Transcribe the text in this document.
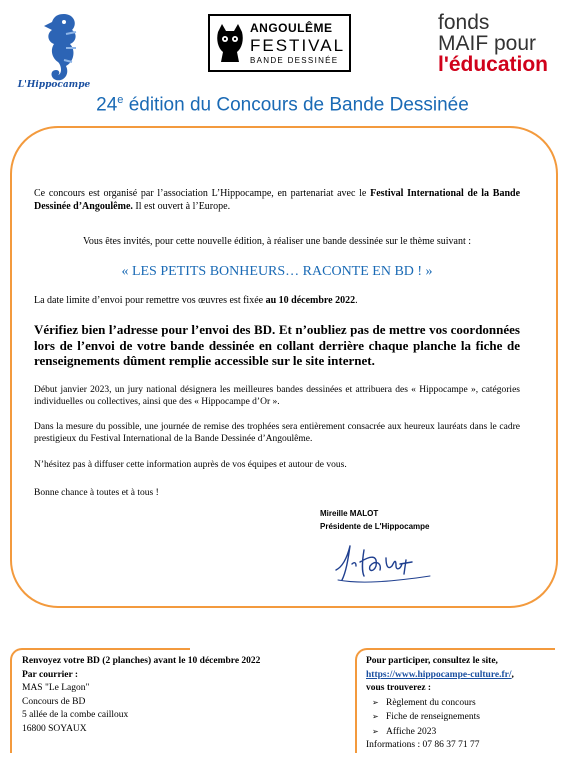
L'Hippocampe
ANGOULÊME
FESTIVAL
BANDE DESSINÉE
fonds
MAIF pour
l'éducation
24e édition du Concours de Bande Dessinée
Ce concours est organisé par l’association L’Hippocampe, en partenariat avec le Festival International de la Bande Dessinée d’Angoulême. Il est ouvert à l’Europe.
Vous êtes invités, pour cette nouvelle édition, à réaliser une bande dessinée sur le thème suivant :
« LES PETITS BONHEURS… RACONTE EN BD ! »
La date limite d’envoi pour remettre vos œuvres est fixée au 10 décembre 2022.
Vérifiez bien l’adresse pour l’envoi des BD. Et n’oubliez pas de mettre vos coordonnées lors de l’envoi de votre bande dessinée en collant derrière chaque planche la fiche de renseignements dûment remplie accessible sur le site internet.
Début janvier 2023, un jury national désignera les meilleures bandes dessinées et attribuera des « Hippocampe », catégories individuelles ou collectives, ainsi que des « Hippocampe d’Or ».
Dans la mesure du possible, une journée de remise des trophées sera entièrement consacrée aux heureux lauréats dans le cadre prestigieux du Festival International de la Bande Dessinée d’Angoulême.
N’hésitez pas à diffuser cette information auprès de vos équipes et autour de vous.
Bonne chance à toutes et à tous !
Mireille MALOT
Présidente de L'Hippocampe
Renvoyez votre BD (2 planches) avant le 10 décembre 2022
Par courrier :
MAS "Le Lagon"
Concours de BD
5 allée de la combe cailloux
16800 SOYAUX
Pour participer, consultez le site,
https://www.hippocampe-culture.fr/,
vous trouverez :
➢ Règlement du concours
➢ Fiche de renseignements
➢ Affiche 2023
Informations : 07 86 37 71 77
